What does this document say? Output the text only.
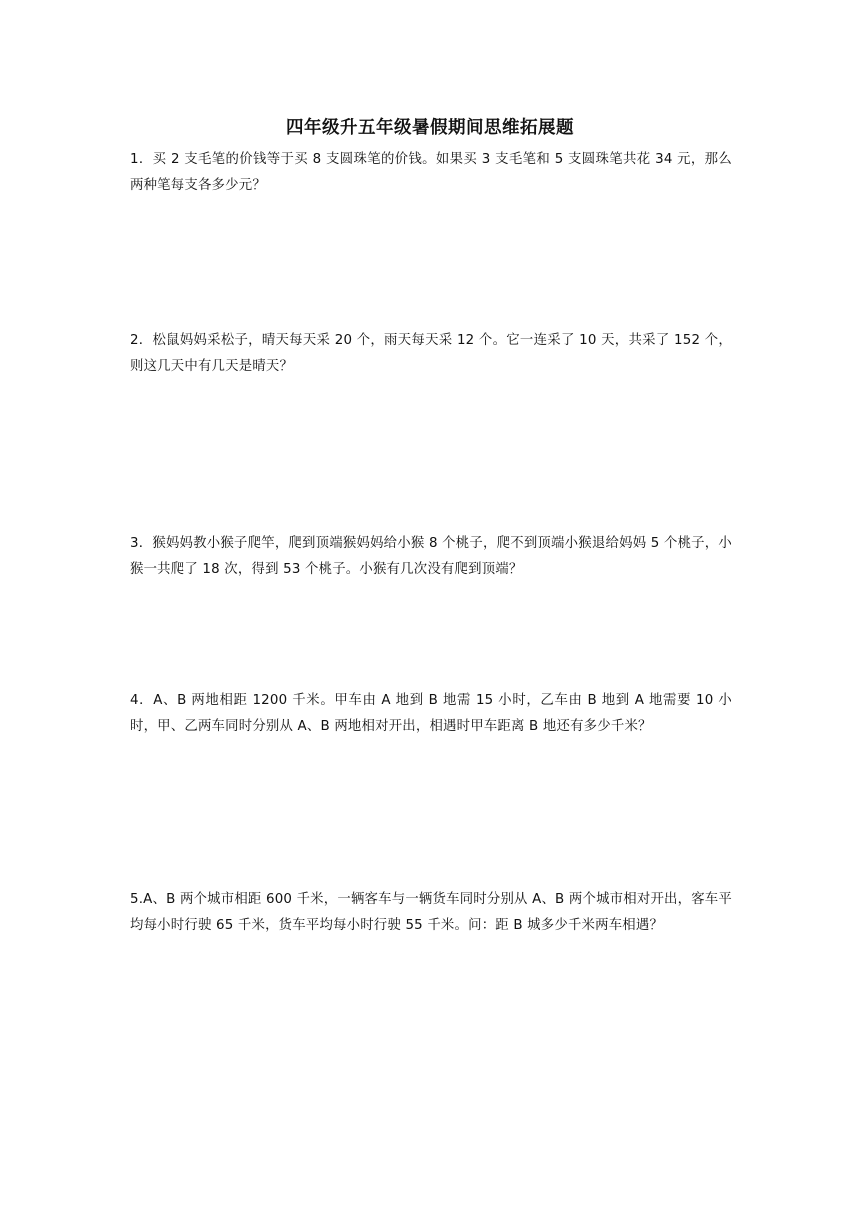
四年级升五年级暑假期间思维拓展题
1．买 2 支毛笔的价钱等于买 8 支圆珠笔的价钱。如果买 3 支毛笔和 5 支圆珠笔共花 34 元，那么两种笔每支各多少元？
2．松鼠妈妈采松子，晴天每天采 20 个，雨天每天采 12 个。它一连采了 10 天，共采了 152 个，则这几天中有几天是晴天？
3．猴妈妈教小猴子爬竿，爬到顶端猴妈妈给小猴 8 个桃子，爬不到顶端小猴退给妈妈 5 个桃子，小猴一共爬了 18 次，得到 53 个桃子。小猴有几次没有爬到顶端？
4．A、B 两地相距 1200 千米。甲车由 A 地到 B 地需 15 小时，乙车由 B 地到 A 地需要 10 小时，甲、乙两车同时分别从 A、B 两地相对开出，相遇时甲车距离 B 地还有多少千米？
5.A、B 两个城市相距 600 千米，一辆客车与一辆货车同时分别从 A、B 两个城市相对开出，客车平均每小时行驶 65 千米，货车平均每小时行驶 55 千米。问：距 B 城多少千米两车相遇？
